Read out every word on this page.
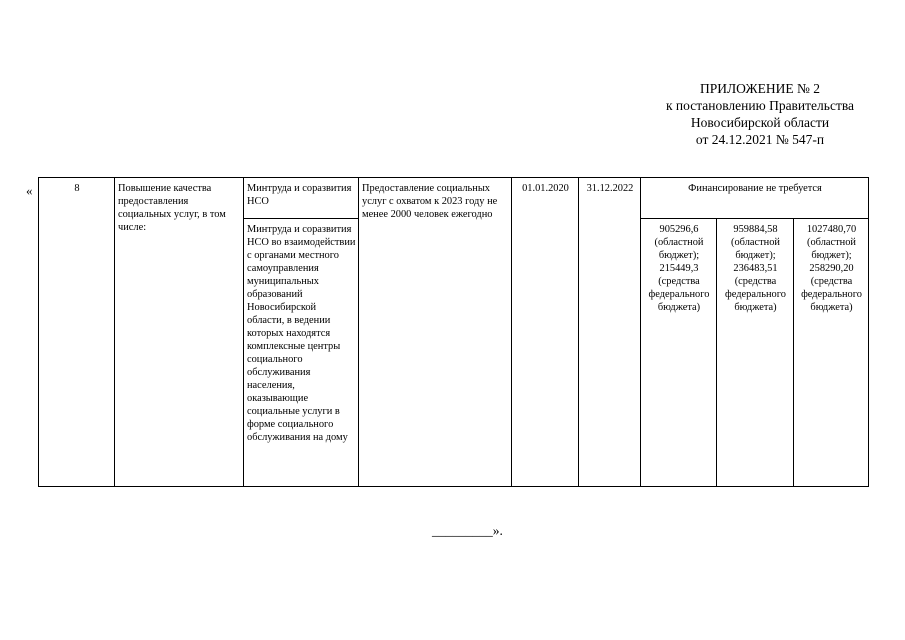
ПРИЛОЖЕНИЕ № 2
к постановлению Правительства
Новосибирской области
от 24.12.2021 № 547-п
«	8	Повышение качества предоставления социальных услуг, в том числе:	Минтруда и соразвития НСО	Предоставление социальных услуг с охватом к 2023 году не менее 2000 человек ежегодно	01.01.2020	31.12.2022	Финансирование не требуется		
		Минтруда и соразвития НСО во взаимодействии с органами местного самоуправления муниципальных образований Новосибирской области, в ведении которых находятся комплексные центры социального обслуживания населения, оказывающие социальные услуги в форме социального обслуживания на дому				905296,6 (областной бюджет); 215449,3 (средства федерального бюджета)	959884,58 (областной бюджет); 236483,51 (средства федерального бюджета)	1027480,70 (областной бюджет); 258290,20 (средства федерального бюджета)
_________».
